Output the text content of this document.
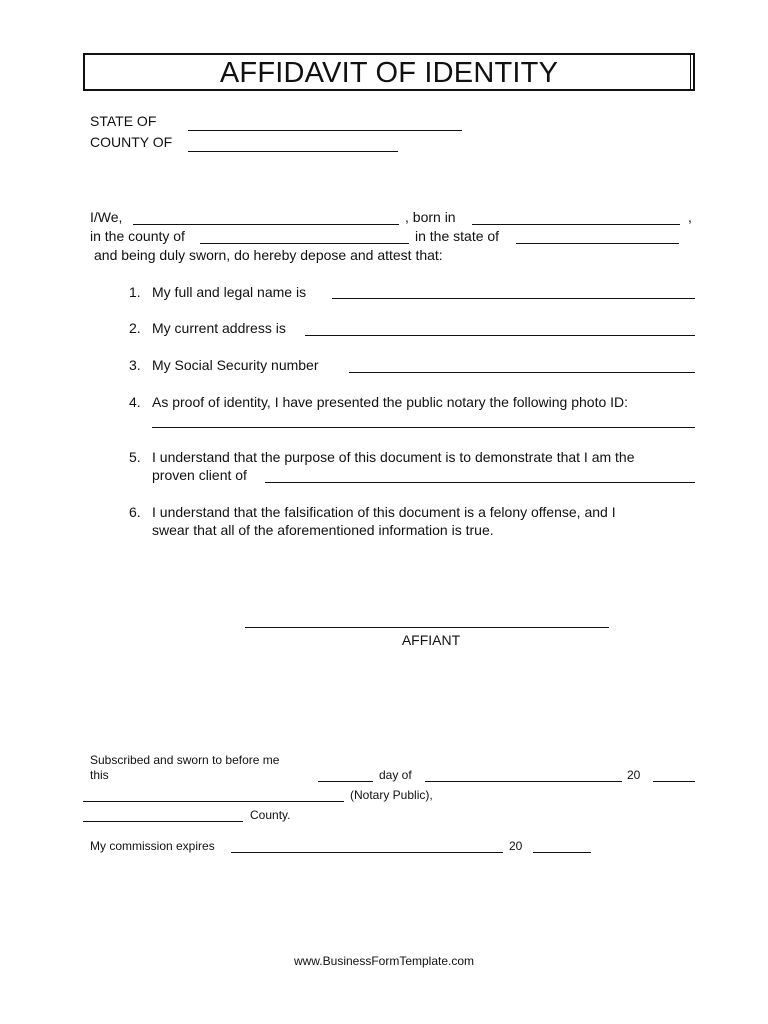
AFFIDAVIT OF IDENTITY
STATE OF
COUNTY OF
I/We,	, born in	,
in the county of	in the state of
and being duly sworn, do hereby depose and attest that:
1. My full and legal name is
2. My current address is
3. My Social Security number
4. As proof of identity, I have presented the public notary the following photo ID:
5. I understand that the purpose of this document is to demonstrate that I am the
proven client of
6. I understand that the falsification of this document is a felony offense, and I
swear that all of the aforementioned information is true.
AFFIANT
Subscribed and sworn to before me
this	day of	20
(Notary Public),
County.
My commission expires	20
www.BusinessFormTemplate.com
